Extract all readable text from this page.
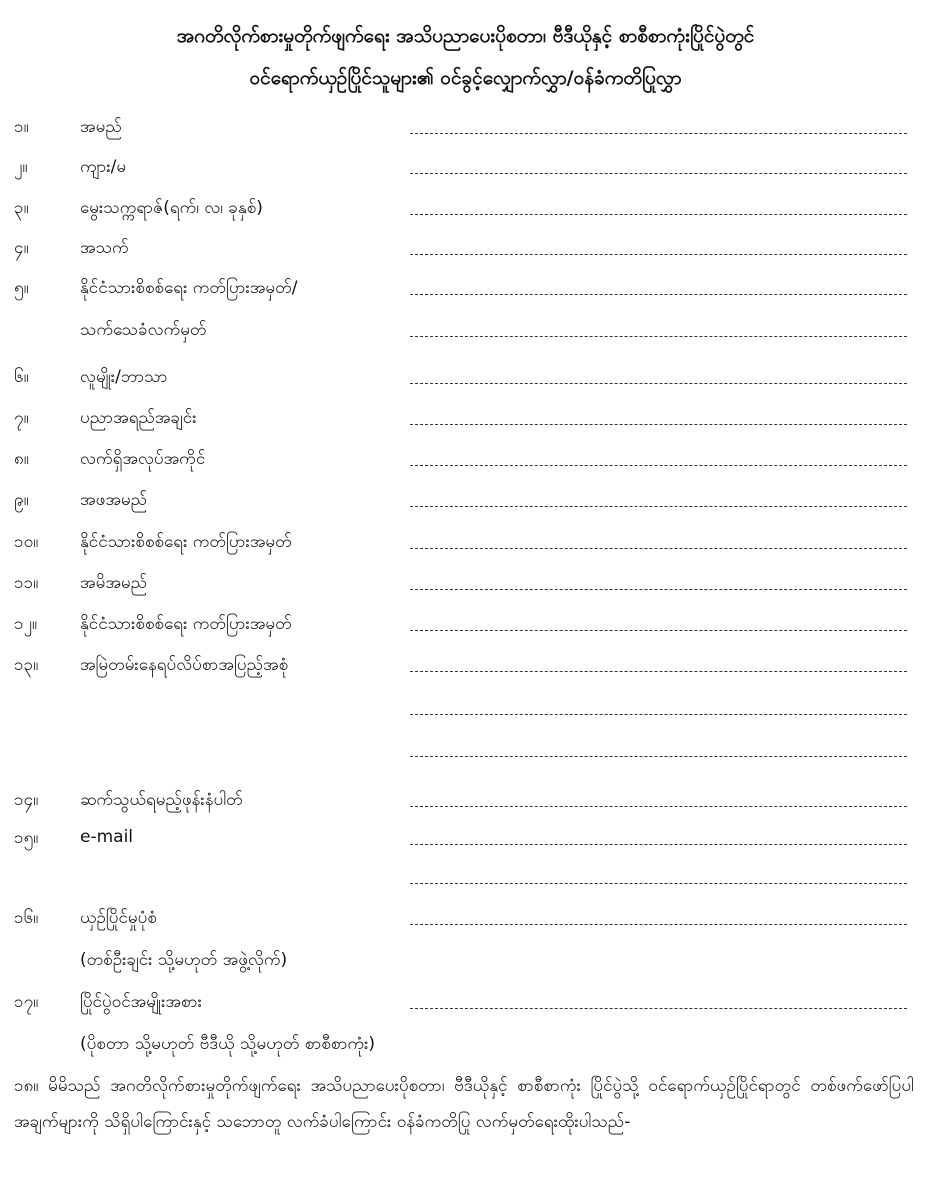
အဂတိလိုက်စားမှုတိုက်ဖျက်ရေး အသိပညာပေးပိုစတာ၊ ဗီဒီယိုနှင့် စာစီစာကုံးပြိုင်ပွဲတွင်
ဝင်ရောက်ယှဉ်ပြိုင်သူများ၏ ဝင်ခွင့်လျှောက်လွှာ/ဝန်ခံကတိပြုလွှာ
၁။	အမည်
၂။	ကျား/မ
၃။	မွေးသက္ကရာဇ်(ရက်၊ လ၊ ခုနှစ်)
၄။	အသက်
၅။	နိုင်ငံသားစိစစ်ရေး ကတ်ပြားအမှတ်/
သက်သေခံလက်မှတ်
၆။	လူမျိုး/ဘာသာ
၇။	ပညာအရည်အချင်း
၈။	လက်ရှိအလုပ်အကိုင်
၉။	အဖအမည်
၁၀။ နိုင်ငံသားစိစစ်ရေး ကတ်ပြားအမှတ်
၁၁။ အမိအမည်
၁၂။	နိုင်ငံသားစိစစ်ရေး ကတ်ပြားအမှတ်
၁၃။ အမြဲတမ်းနေရပ်လိပ်စာအပြည့်အစုံ
၁၄။ ဆက်သွယ်ရမည့်ဖုန်းနံပါတ်
၁၅။ e-mail
၁၆။ ယှဉ်ပြိုင်မှုပုံစံ
(တစ်ဦးချင်း သို့မဟုတ် အဖွဲ့လိုက်)
၁၇။ ပြိုင်ပွဲဝင်အမျိုးအစား
(ပိုစတာ သို့မဟုတ် ဗီဒီယို သို့မဟုတ် စာစီစာကုံး)

၁၈။ မိမိသည် အဂတိလိုက်စားမှုတိုက်ဖျက်ရေး အသိပညာပေးပိုစတာ၊ ဗီဒီယိုနှင့် စာစီစာကုံး ပြိုင်ပွဲသို့ ဝင်ရောက်ယှဉ်ပြိုင်ရာတွင် တစ်ဖက်ဖော်ပြပါအချက်များကို သိရှိပါကြောင်းနှင့် သဘောတူ လက်ခံပါကြောင်း ဝန်ခံကတိပြု လက်မှတ်ရေးထိုးပါသည်-
